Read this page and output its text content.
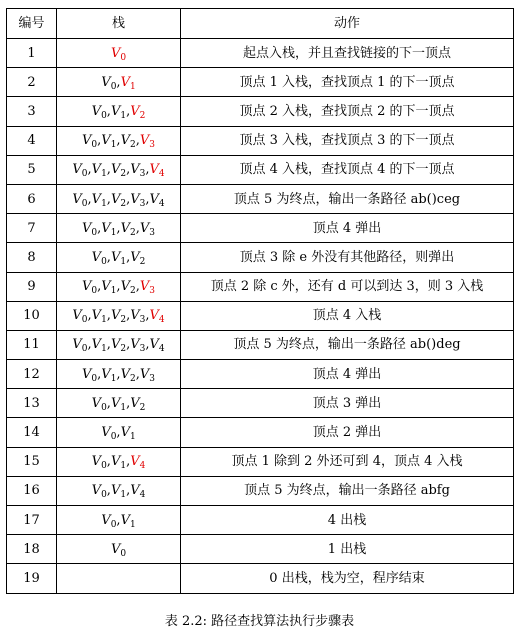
编号	栈	动作
1	$V_0$	起点入栈，并且查找链接的下一顶点
2	$V_0,V_1$	顶点 1 入栈，查找顶点 1 的下一顶点
3	$V_0,V_1,V_2$	顶点 2 入栈，查找顶点 2 的下一顶点
4	$V_0,V_1,V_2,V_3$	顶点 3 入栈，查找顶点 3 的下一顶点
5	$V_0,V_1,V_2,V_3,V_4$	顶点 4 入栈，查找顶点 4 的下一顶点
6	$V_0,V_1,V_2,V_3,V_4$	顶点 5 为终点，输出一条路径 ab()ceg
7	$V_0,V_1,V_2,V_3$	顶点 4 弹出
8	$V_0,V_1,V_2$	顶点 3 除 e 外没有其他路径，则弹出
9	$V_0,V_1,V_2,V_3$	顶点 2 除 c 外，还有 d 可以到达 3，则 3 入栈
10	$V_0,V_1,V_2,V_3,V_4$	顶点 4 入栈
11	$V_0,V_1,V_2,V_3,V_4$	顶点 5 为终点，输出一条路径 ab()deg
12	$V_0,V_1,V_2,V_3$	顶点 4 弹出
13	$V_0,V_1,V_2$	顶点 3 弹出
14	$V_0,V_1$	顶点 2 弹出
15	$V_0,V_1,V_4$	顶点 1 除到 2 外还可到 4，顶点 4 入栈
16	$V_0,V_1,V_4$	顶点 5 为终点，输出一条路径 abfg
17	$V_0,V_1$	4 出栈
18	$V_0$	1 出栈
19		0 出栈，栈为空，程序结束
表 2.2: 路径查找算法执行步骤表
